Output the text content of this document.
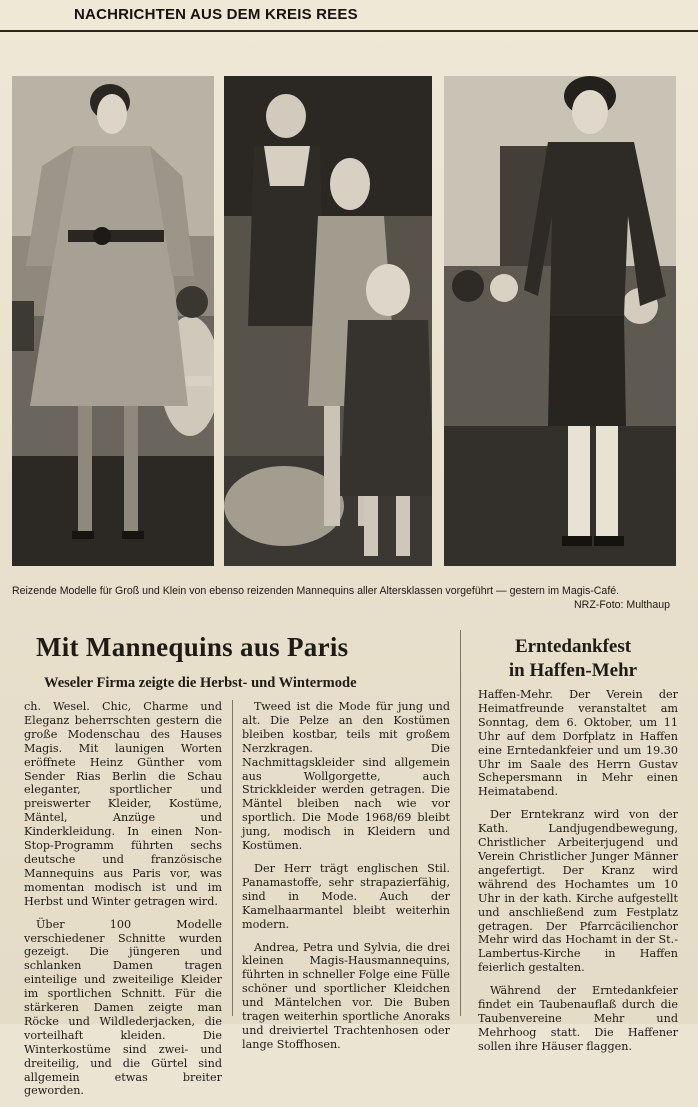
NACHRICHTEN AUS DEM KREIS REES
Reizende Modelle für Groß und Klein von ebenso reizenden Mannequins aller Altersklassen vorgeführt — gestern im Magis-Café.
NRZ-Foto: Multhaup
Mit Mannequins aus Paris
Weseler Firma zeigte die Herbst- und Wintermode

ch. Wesel. Chic, Charme und Eleganz beherrschten gestern die große Modenschau des Hauses Magis. Mit launigen Worten eröffnete Heinz Günther vom Sender Rias Berlin die Schau eleganter, sportlicher und preiswerter Kleider, Kostüme, Mäntel, Anzüge und Kinderkleidung. In einen Non-Stop-Programm führten sechs deutsche und französische Mannequins aus Paris vor, was momentan modisch ist und im Herbst und Winter getragen wird.

Über 100 Modelle verschiedener Schnitte wurden gezeigt. Die jüngeren und schlanken Damen tragen einteilige und zweiteilige Kleider im sportlichen Schnitt. Für die stärkeren Damen zeigte man Röcke und Wildlederjacken, die vorteilhaft kleiden. Die Winterkostüme sind zwei- und dreiteilig, und die Gürtel sind allgemein etwas breiter geworden.

Tweed ist die Mode für jung und alt. Die Pelze an den Kostümen bleiben kostbar, teils mit großem Nerzkragen. Die Nachmittagskleider sind allgemein aus Wollgorgette, auch Strickkleider werden getragen. Die Mäntel bleiben nach wie vor sportlich. Die Mode 1968/69 bleibt jung, modisch in Kleidern und Kostümen.

Der Herr trägt englischen Stil. Panamastoffe, sehr strapazierfähig, sind in Mode. Auch der Kamelhaarmantel bleibt weiterhin modern.

Andrea, Petra und Sylvia, die drei kleinen Magis-Hausmannequins, führten in schneller Folge eine Fülle schöner und sportlicher Kleidchen und Mäntelchen vor. Die Buben tragen weiterhin sportliche Anoraks und dreiviertel Trachtenhosen oder lange Stoffhosen.

Erntedankfest
in Haffen-Mehr

Haffen-Mehr. Der Verein der Heimatfreunde veranstaltet am Sonntag, dem 6. Oktober, um 11 Uhr auf dem Dorfplatz in Haffen eine Erntedankfeier und um 19.30 Uhr im Saale des Herrn Gustav Schepersmann in Mehr einen Heimatabend.

Der Erntekranz wird von der Kath. Landjugendbewegung, Christlicher Arbeiterjugend und Verein Christlicher Junger Männer angefertigt. Der Kranz wird während des Hochamtes um 10 Uhr in der kath. Kirche aufgestellt und anschließend zum Festplatz getragen. Der Pfarrcäcilienchor Mehr wird das Hochamt in der St.-Lambertus-Kirche in Haffen feierlich gestalten.

Während der Erntedankfeier findet ein Taubenauflaß durch die Taubenvereine Mehr und Mehrhoog statt. Die Haffener sollen ihre Häuser flaggen.
